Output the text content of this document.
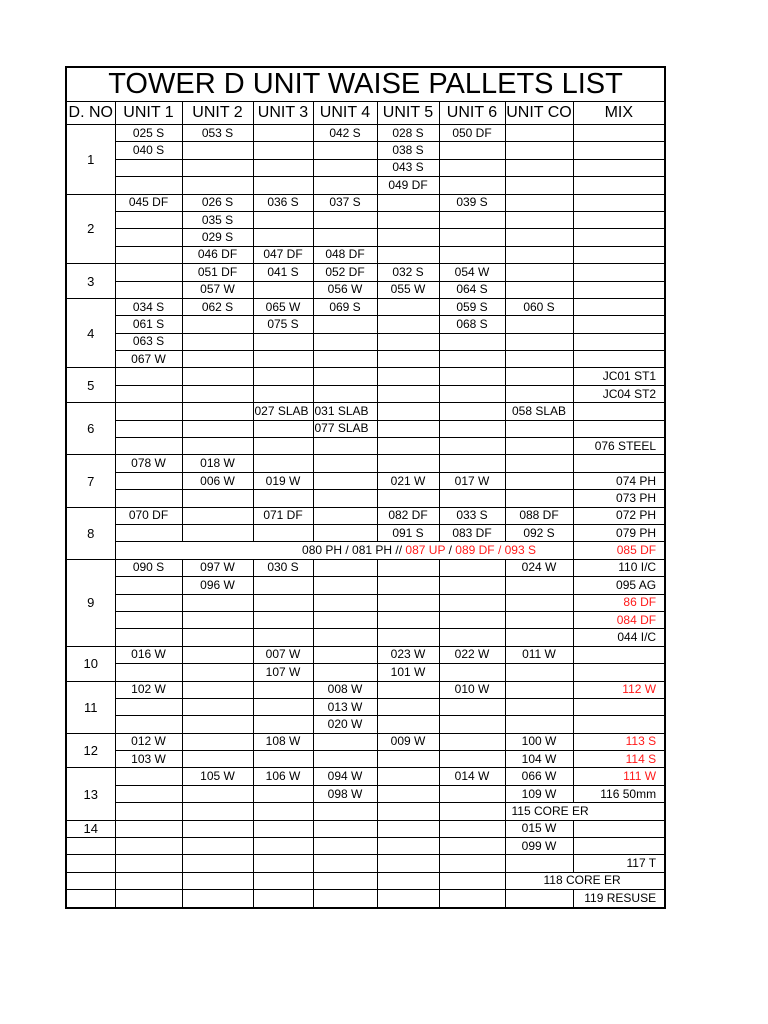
TOWER D UNIT WAISE PALLETS LIST								
D. NO	UNIT 1	UNIT 2	UNIT 3	UNIT 4	UNIT 5	UNIT 6	UNIT CO	MIX
1	025 S	053 S		042 S	028 S	050 DF		
	040 S				038 S			
					043 S			
					049 DF			
2	045 DF	026 S	036 S	037 S		039 S		
		035 S						
		029 S						
		046 DF	047 DF	048 DF				
3		051 DF	041 S	052 DF	032 S	054 W		
		057 W		056 W	055 W	064 S		
4	034 S	062 S	065 W	069 S		059 S	060 S	
	061 S		075 S			068 S		
	063 S							
	067 W							
5								JC01 ST1
								JC04 ST2
6			027 SLAB	031 SLAB			058 SLAB	
				077 SLAB				
								076 STEEL
7	078 W	018 W						
		006 W	019 W		021 W	017 W		074 PH
								073 PH
8	070 DF		071 DF		082 DF	033 S	088 DF	072 PH
					091 S	083 DF	092 S	079 PH
	080 PH / 081 PH // 087 UP / 089 DF / 093 S							085 DF
9	090 S	097 W	030 S				024 W	110 I/C
		096 W						095 AG
								86 DF
								084 DF
								044 I/C
10	016 W		007 W		023 W	022 W	011 W	
			107 W		101 W			
11	102 W			008 W		010 W		112 W
				013 W				
				020 W				
12	012 W		108 W		009 W		100 W	113 S
	103 W						104 W	114 S
13		105 W	106 W	094 W		014 W	066 W	111 W
				098 W			109 W	116 50mm
							115 CORE ER	
14							015 W	
							099 W	
								117 T
							118 CORE ER	
								119 RESUSE
